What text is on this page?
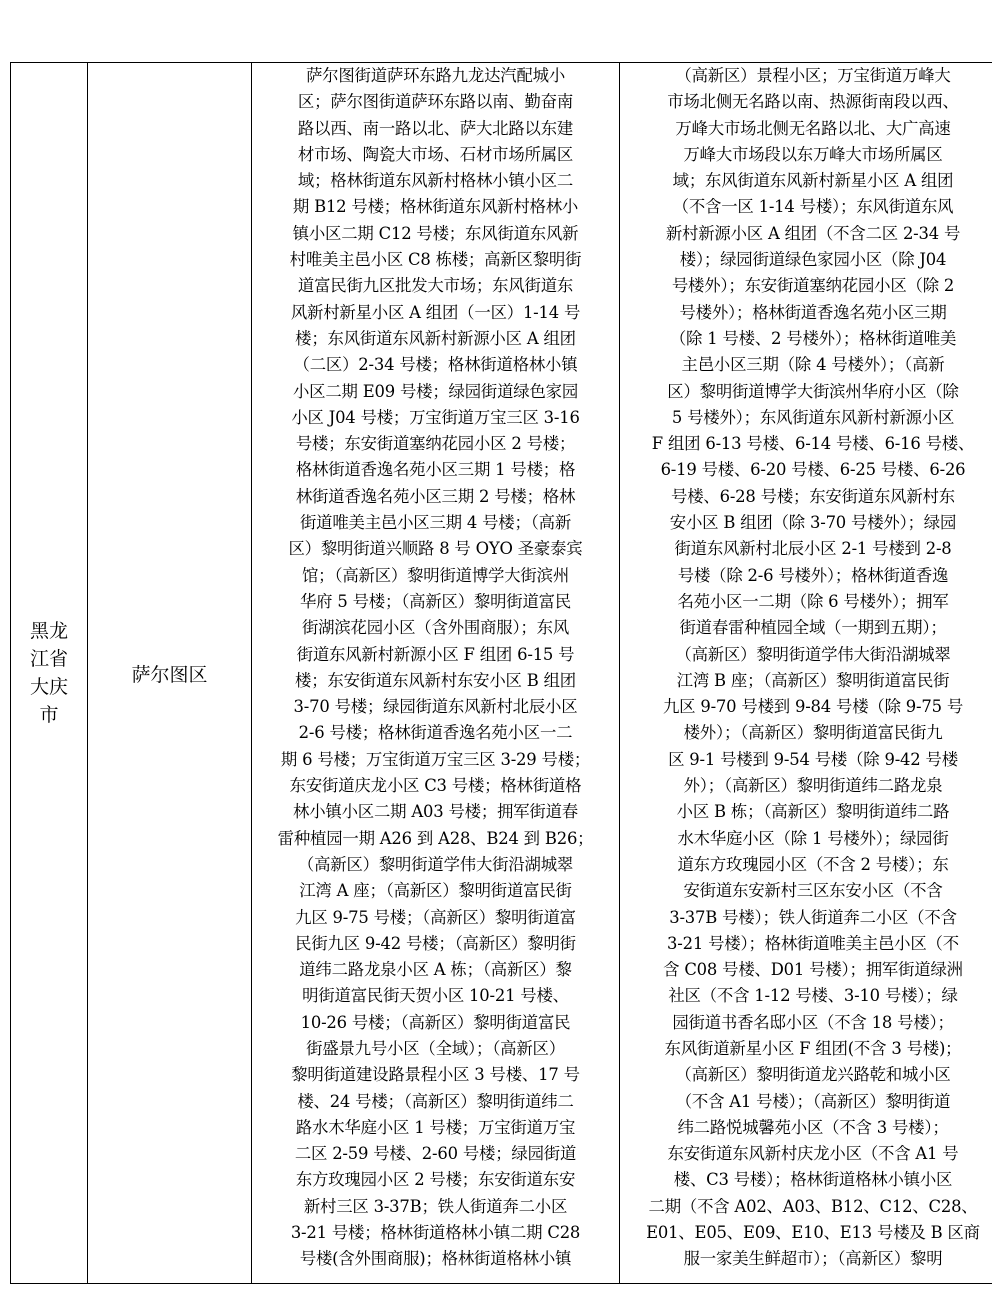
黑龙江省大庆市

萨尔图区

萨尔图街道萨环东路九龙达汽配城小
区；萨尔图街道萨环东路以南、勤奋南
路以西、南一路以北、萨大北路以东建
材市场、陶瓷大市场、石材市场所属区
域；格林街道东风新村格林小镇小区二
期 B12 号楼；格林街道东风新村格林小
镇小区二期 C12 号楼；东风街道东风新
村唯美主邑小区 C8 栋楼；高新区黎明街
道富民街九区批发大市场；东风街道东
风新村新星小区 A 组团（一区）1-14 号
楼；东风街道东风新村新源小区 A 组团
（二区）2-34 号楼；格林街道格林小镇
小区二期 E09 号楼；绿园街道绿色家园
小区 J04 号楼；万宝街道万宝三区 3-16
号楼；东安街道塞纳花园小区 2 号楼；
格林街道香逸名苑小区三期 1 号楼；格
林街道香逸名苑小区三期 2 号楼；格林
街道唯美主邑小区三期 4 号楼；（高新
区）黎明街道兴顺路 8 号 OYO 圣豪泰宾
馆；（高新区）黎明街道博学大街滨州
华府 5 号楼；（高新区）黎明街道富民
街湖滨花园小区（含外围商服）；东风
街道东风新村新源小区 F 组团 6-15 号
楼；东安街道东风新村东安小区 B 组团
3-70 号楼；绿园街道东风新村北辰小区
2-6 号楼；格林街道香逸名苑小区一二
期 6 号楼；万宝街道万宝三区 3-29 号楼；
东安街道庆龙小区 C3 号楼；格林街道格
林小镇小区二期 A03 号楼；拥军街道春
雷种植园一期 A26 到 A28、B24 到 B26；
（高新区）黎明街道学伟大街沿湖城翠
江湾 A 座；（高新区）黎明街道富民街
九区 9-75 号楼；（高新区）黎明街道富
民街九区 9-42 号楼；（高新区）黎明街
道纬二路龙泉小区 A 栋；（高新区）黎
明街道富民街天贺小区 10-21 号楼、
10-26 号楼；（高新区）黎明街道富民
街盛景九号小区（全域）；（高新区）
黎明街道建设路景程小区 3 号楼、17 号
楼、24 号楼；（高新区）黎明街道纬二
路水木华庭小区 1 号楼；万宝街道万宝
二区 2-59 号楼、2-60 号楼；绿园街道
东方玫瑰园小区 2 号楼；东安街道东安
新村三区 3-37B；铁人街道奔二小区
3-21 号楼；格林街道格林小镇二期 C28
号楼(含外围商服)；格林街道格林小镇

（高新区）景程小区；万宝街道万峰大
市场北侧无名路以南、热源街南段以西、
万峰大市场北侧无名路以北、大广高速
万峰大市场段以东万峰大市场所属区
域；东风街道东风新村新星小区 A 组团
（不含一区 1-14 号楼）；东风街道东风
新村新源小区 A 组团（不含二区 2-34 号
楼）；绿园街道绿色家园小区（除 J04
号楼外）；东安街道塞纳花园小区（除 2
号楼外）；格林街道香逸名苑小区三期
（除 1 号楼、2 号楼外）；格林街道唯美
主邑小区三期（除 4 号楼外）；（高新
区）黎明街道博学大街滨州华府小区（除
5 号楼外）；东风街道东风新村新源小区
F 组团 6-13 号楼、6-14 号楼、6-16 号楼、
6-19 号楼、6-20 号楼、6-25 号楼、6-26
号楼、6-28 号楼；东安街道东风新村东
安小区 B 组团（除 3-70 号楼外）；绿园
街道东风新村北辰小区 2-1 号楼到 2-8
号楼（除 2-6 号楼外）；格林街道香逸
名苑小区一二期（除 6 号楼外）；拥军
街道春雷种植园全域（一期到五期）；
（高新区）黎明街道学伟大街沿湖城翠
江湾 B 座；（高新区）黎明街道富民街
九区 9-70 号楼到 9-84 号楼（除 9-75 号
楼外）；（高新区）黎明街道富民街九
区 9-1 号楼到 9-54 号楼（除 9-42 号楼
外）；（高新区）黎明街道纬二路龙泉
小区 B 栋；（高新区）黎明街道纬二路
水木华庭小区（除 1 号楼外）；绿园街
道东方玫瑰园小区（不含 2 号楼）；东
安街道东安新村三区东安小区（不含
3-37B 号楼）；铁人街道奔二小区（不含
3-21 号楼）；格林街道唯美主邑小区（不
含 C08 号楼、D01 号楼）；拥军街道绿洲
社区（不含 1-12 号楼、3-10 号楼）；绿
园街道书香名邸小区（不含 18 号楼）；
东风街道新星小区 F 组团(不含 3 号楼)；
（高新区）黎明街道龙兴路乾和城小区
（不含 A1 号楼）；（高新区）黎明街道
纬二路悦城馨苑小区（不含 3 号楼）；
东安街道东风新村庆龙小区（不含 A1 号
楼、C3 号楼）；格林街道格林小镇小区
二期（不含 A02、A03、B12、C12、C28、
E01、E05、E09、E10、E13 号楼及 B 区商
服一家美生鲜超市）；（高新区）黎明
